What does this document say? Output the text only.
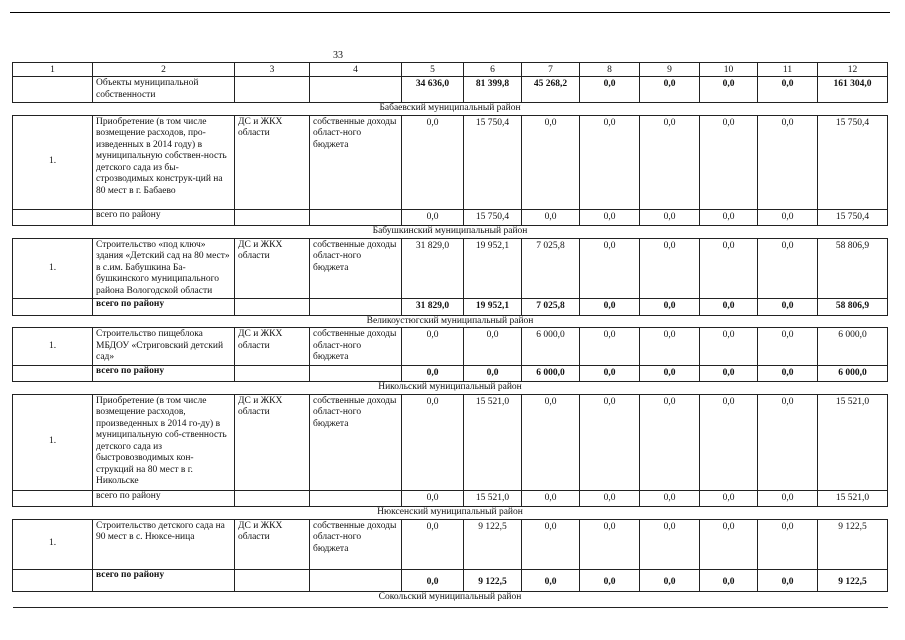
33
1	2	3	4	5	6	7	8	9	10	11	12
	Объекты муниципальной собственности			34 636,0	81 399,8	45 268,2	0,0	0,0	0,0	0,0	161 304,0
Бабаевский муниципальный район											
1.	Приобретение (в том числе возмещение расходов, про-изведенных в 2014 году) в муниципальную собствен-ность детского сада из бы-строзводимых конструк-ций на 80 мест в г. Бабаево	ДС и ЖКХ области	собственные доходы област-ного бюджета	0,0	15 750,4	0,0	0,0	0,0	0,0	0,0	15 750,4
	всего по району			0,0	15 750,4	0,0	0,0	0,0	0,0	0,0	15 750,4
Бабушкинский муниципальный район											
1.	Строительство «под ключ» здания «Детский сад на 80 мест» в с.им. Бабушкина Ба-бушкинского муниципального района Вологодской области	ДС и ЖКХ области	собственные доходы област-ного бюджета	31 829,0	19 952,1	7 025,8	0,0	0,0	0,0	0,0	58 806,9
	всего по району			31 829,0	19 952,1	7 025,8	0,0	0,0	0,0	0,0	58 806,9
Великоустюгский муниципальный район											
1.	Строительство пищеблока МБДОУ «Стриговский детский сад»	ДС и ЖКХ области	собственные доходы област-ного бюджета	0,0	0,0	6 000,0	0,0	0,0	0,0	0,0	6 000,0
	всего по району			0,0	0,0	6 000,0	0,0	0,0	0,0	0,0	6 000,0
Никольский муниципальный район											
1.	Приобретение (в том числе возмещение расходов, произведенных в 2014 го-ду) в муниципальную соб-ственность детского сада из быстровозводимых кон-струкций на 80 мест в г. Никольске	ДС и ЖКХ области	собственные доходы област-ного бюджета	0,0	15 521,0	0,0	0,0	0,0	0,0	0,0	15 521,0
	всего по району			0,0	15 521,0	0,0	0,0	0,0	0,0	0,0	15 521,0
Нюксенский муниципальный район											
1.	Строительство детского сада на 90 мест в с. Нюксе-ница	ДС и ЖКХ области	собственные доходы област-ного бюджета	0,0	9 122,5	0,0	0,0	0,0	0,0	0,0	9 122,5
	всего по району			0,0	9 122,5	0,0	0,0	0,0	0,0	0,0	9 122,5
Сокольский муниципальный район											
